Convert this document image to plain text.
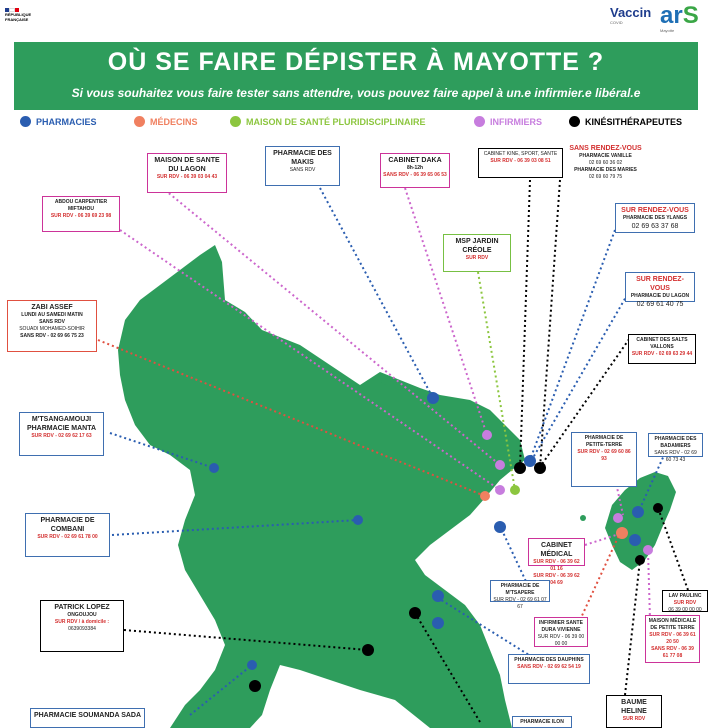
RÉPUBLIQUE
FRANÇAISE	Vaccin
COVID	arS
Mayotte
OÙ SE FAIRE DÉPISTER À MAYOTTE ?

Si vous souhaitez vous faire tester sans attendre, vous pouvez faire appel à un.e infirmier.e libéral.e

PHARMACIES	MÉDECINS	MAISON DE SANTÉ PLURIDISCIPLINAIRE	INFIRMIERS	KINÉSITHÉRAPEUTES
MAISON DE SANTE
DU LAGON
SUR RDV - 06 39 03 04 43
PHARMACIE DES
MAKIS
SANS RDV
CABINET DAKA
8h-12h
SANS RDV - 06 39 65 06 53
CABINET KINE, SPORT, SANTE
SUR RDV - 06 39 03 08 51
SANS RENDEZ-VOUS
PHARMACIE VANILLE
02 69 60 36 02
PHARMACIE DES MARIES
02 69 60 79 75
ABDOU CARPENTIER
MIFTAHOU
SUR RDV - 06 39 69 23 98
SUR RENDEZ-VOUS
PHARMACIE DES YLANGS
02 69 63 37 68
MSP JARDIN
CRÉOLE
SUR RDV
SUR RENDEZ-VOUS
PHARMACIE DU LAGON
02 69 61 40 75
ZABI ASSEF
LUNDI AU SAMEDI MATIN
SANS RDV
SOUADI MOHAMED-SOIHIR
SANS RDV - 02 69 66 75 23
CABINET DES SALTS
VALLONS
SUR RDV - 02 69 63 29 44
M'TSANGAMOUJI
PHARMACIE MANTA
SUR RDV - 02 69 62 17 63	PHARMACIE DE
PETITE-TERRE
SUR RDV - 02 69 60 86 93
PHARMACIE DES
BADAMIERS
SANS RDV - 02 69 60 73 43
PHARMACIE DE
COMBANI
SUR RDV - 02 69 61 78 00
CABINET MÉDICAL
SUR RDV - 06 39 62 01 16
SUR RDV - 06 39 62 04 69
PHARMACIE DE M'TSAPERE
SUR RDV - 02 69 61 07 67
LAV PAULINC
SUR RDV
06 39 00 00 00
PATRICK LOPEZ
ONGOUJOU
SUR RDV / à domicile :
0639093384
INFIRMIER SANTE
DURA VIVIENNE
SUR RDV - 06 39 00 00 00
MAISON MÉDICALE
DE PETITE TERRE
SUR RDV - 06 39 61 20 50
SANS RDV - 06 39 61 77 08
PHARMACIE DES DAUPHINS
SANS RDV - 02 69 62 54 19
BAUME
HELINE
SUR RDV
PHARMACIE SOUMANDA SADA
PHARMACIE ILON
